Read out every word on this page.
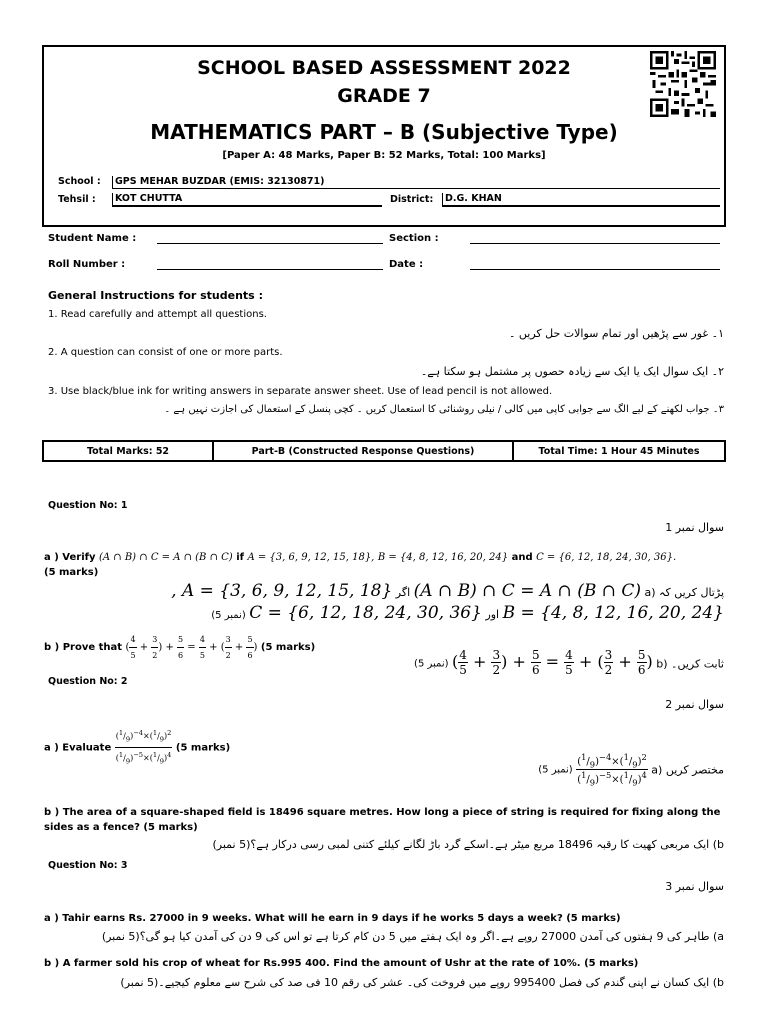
SCHOOL BASED ASSESSMENT 2022
GRADE 7
MATHEMATICS PART – B (Subjective Type)
[Paper A: 48 Marks, Paper B: 52 Marks, Total: 100 Marks]
School :	GPS MEHAR BUZDAR (EMIS: 32130871)
Tehsil :	KOT CHUTTA	District:	D.G. KHAN
Student Name :	Section :
Roll Number :	Date :
General Instructions for students :
1. Read carefully and attempt all questions.
۱۔ غور سے پڑھیں اور تمام سوالات حل کریں ۔
2. A question can consist of one or more parts.
۲۔ ایک سوال ایک یا ایک سے زیادہ حصوں پر مشتمل ہو سکتا ہے۔
3. Use black/blue ink for writing answers in separate answer sheet. Use of lead pencil is not allowed.
۳۔ جواب لکھنے کے لیے الگ سے جوابی کاپی میں کالی / نیلی روشنائی کا استعمال کریں ۔ کچی پنسل کے استعمال کی اجازت نہیں ہے ۔
Total Marks: 52	Part-B (Constructed Response Questions)	Total Time: 1 Hour 45 Minutes
Question No: 1
سوال نمبر 1
a ) Verify (A ∩ B) ∩ C = A ∩ (B ∩ C) if A = {3, 6, 9, 12, 15, 18}, B = {4, 8, 12, 16, 20, 24} and C = {6, 12, 18, 24, 30, 36}.
(5 marks)
, A = {3, 6, 9, 12, 15, 18} اگر (A ∩ B) ∩ C = A ∩ (B ∩ C) a) پڑتال کریں کہ
(5 نمبر) C = {6, 12, 18, 24, 30, 36} اور B = {4, 8, 12, 16, 20, 24}
b ) Prove that ( $\frac{4}{5} + \frac{3}{2}$ ) + $\frac{5}{6} = \frac{4}{5}$ + ( $\frac{3}{2} + \frac{5}{6}$ ) (5 marks)
(5 نمبر) ( $\frac{4}{5} + \frac{3}{2}$ ) + $\frac{5}{6} = \frac{4}{5}$ + ( $\frac{3}{2} + \frac{5}{6}$ ) b) ثابت کریں۔
Question No: 2
سوال نمبر 2
a ) Evaluate $\frac{(^1/_9)^{-4}\times(^1/_9)^2}{(^1/_9)^{-5}\times(^1/_9)^4} (5$ marks)
(5 نمبر) $\frac{(^1/_9)^{-4}\times(^1/_9)^2}{(^1/_9)^{-5}\times(^1/_9)^4} a$) مختصر کریں
b ) The area of a square-shaped field is 18496 square metres. How long a piece of string is required for fixing along the sides as a fence? (5 marks)
b) ایک مربعی کھیت کا رقبہ 18496 مربع میٹر ہے۔اسکے گرد باڑ لگانے کیلئے کتنی لمبی رسی درکار ہے؟(5 نمبر)
Question No: 3
سوال نمبر 3
a ) Tahir earns Rs. 27000 in 9 weeks. What will he earn in 9 days if he works 5 days a week? (5 marks)
a) طاہر کی 9 ہفتوں کی آمدن 27000 روپے ہے۔اگر وہ ایک ہفتے میں 5 دن کام کرتا ہے تو اس کی 9 دن کی آمدن کیا ہو گی؟(5 نمبر)
b ) A farmer sold his crop of wheat for Rs.995 400. Find the amount of Ushr at the rate of 10%. (5 marks)
b) ایک کسان نے اپنی گندم کی فصل 995400 روپے میں فروخت کی۔ عشر کی رقم 10 فی صد کی شرح سے معلوم کیجیے۔(5 نمبر)
